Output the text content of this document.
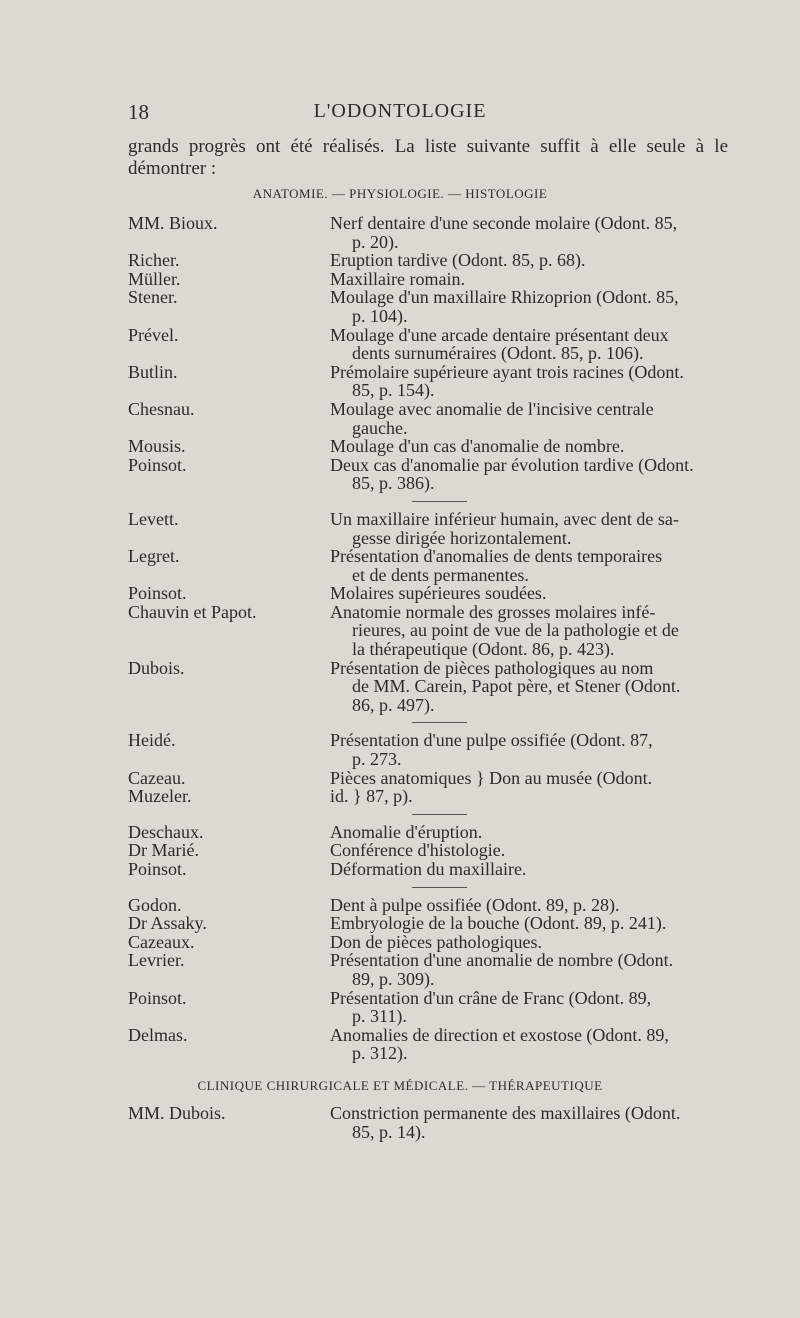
18	L'ODONTOLOGIE
grands progrès ont été réalisés. La liste suivante suffit à elle seule à le démontrer :
ANATOMIE. — PHYSIOLOGIE. — HISTOLOGIE
MM. Bioux.	Nerf dentaire d'une seconde molaire (Odont. 85,
p. 20).
Richer.	Eruption tardive (Odont. 85, p. 68).
Müller.	Maxillaire romain.
Stener.	Moulage d'un maxillaire Rhizoprion (Odont. 85,
p. 104).
Prével.	Moulage d'une arcade dentaire présentant deux
dents surnuméraires (Odont. 85, p. 106).
Butlin.	Prémolaire supérieure ayant trois racines (Odont.
85, p. 154).
Chesnau.	Moulage avec anomalie de l'incisive centrale
gauche.
Mousis.	Moulage d'un cas d'anomalie de nombre.
Poinsot.	Deux cas d'anomalie par évolution tardive (Odont.
85, p. 386).
Levett.	Un maxillaire inférieur humain, avec dent de sa-
gesse dirigée horizontalement.
Legret.	Présentation d'anomalies de dents temporaires
et de dents permanentes.
Poinsot.	Molaires supérieures soudées.
Chauvin et Papot.	Anatomie normale des grosses molaires infé-
rieures, au point de vue de la pathologie et de
la thérapeutique (Odont. 86, p. 423).
Dubois.	Présentation de pièces pathologiques au nom
de MM. Carein, Papot père, et Stener (Odont.
86, p. 497).
Heidé.	Présentation d'une pulpe ossifiée (Odont. 87,
p. 273.
Cazeau.	Pièces anatomiques } Don au musée (Odont.
Muzeler.	id. } 87, p).
Deschaux.	Anomalie d'éruption.
Dr Marié.	Conférence d'histologie.
Poinsot.	Déformation du maxillaire.
Godon.	Dent à pulpe ossifiée (Odont. 89, p. 28).
Dr Assaky.	Embryologie de la bouche (Odont. 89, p. 241).
Cazeaux.	Don de pièces pathologiques.
Levrier.	Présentation d'une anomalie de nombre (Odont.
89, p. 309).
Poinsot.	Présentation d'un crâne de Franc (Odont. 89,
p. 311).
Delmas.	Anomalies de direction et exostose (Odont. 89,
p. 312).
CLINIQUE CHIRURGICALE ET MÉDICALE. — THÉRAPEUTIQUE
MM. Dubois.	Constriction permanente des maxillaires (Odont.
85, p. 14).
